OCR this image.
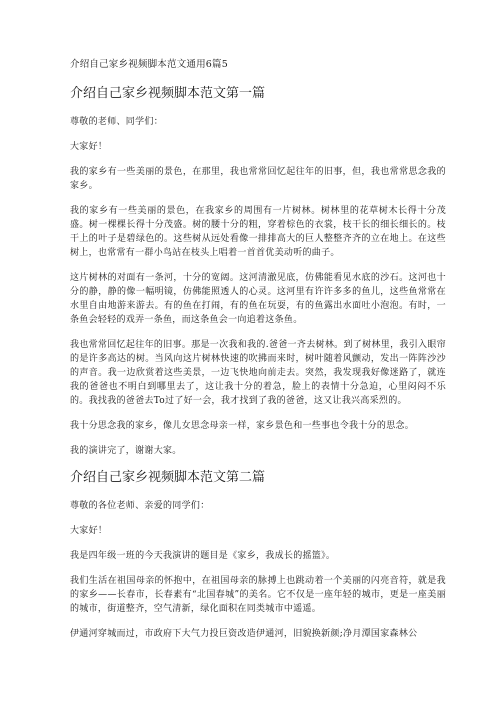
介绍自己家乡视频脚本范文通用6篇5
介绍自己家乡视频脚本范文第一篇

尊敬的老师、同学们：

大家好！

我的家乡有一些美丽的景色，在那里，我也常常回忆起往年的旧事，但，我也常常思念我的家乡。

我的家乡有一些美丽的景色，在我家乡的周围有一片树林。树林里的花草树木长得十分茂盛。树一棵棵长得十分茂盛。树的腰十分的粗，穿着棕色的衣裳，枝干长的细长细长的。枝干上的叶子是碧绿色的。这些树从远处看像一排排高大的巨人整整齐齐的立在地上。在这些树上，也常常有一群小鸟站在枝头上唱着一首首优美动听的曲子。

这片树林的对面有一条河，十分的宽阔。这河清澈见底，仿佛能看见水底的沙石。这河也十分的静，静的像一幅明镜，仿佛能照透人的心灵。这河里有许许多多的鱼儿，这些鱼常常在水里自由地游来游去。有的鱼在打闹，有的鱼在玩耍，有的鱼露出水面吐小泡泡。有时，一条鱼会轻轻的戏弄一条鱼，而这条鱼会一向追着这条鱼。

我也常常回忆起往年的旧事。那是一次我和我的.爸爸一齐去树林。到了树林里，我引入眼帘的是许多高达的树。当风向这片树林快速的吹拂而来时，树叶随着风颤动，发出一阵阵沙沙的声音。我一边欣赏着这些美景，一边飞快地向前走去。突然，我发现我好像迷路了，就连我的爸爸也不明白到哪里去了，这让我十分的着急，脸上的表情十分急迫，心里闷闷不乐的。我找我的爸爸去To过了好一会，我才找到了我的爸爸，这又让我兴高采烈的。

我十分思念我的家乡，像儿女思念母亲一样，家乡景色和一些事也令我十分的思念。

我的演讲完了，谢谢大家。

介绍自己家乡视频脚本范文第二篇

尊敬的各位老师、亲爱的同学们：

大家好！

我是四年级一班的今天我演讲的题目是《家乡，我成长的摇篮》。

我们生活在祖国母亲的怀抱中，在祖国母亲的脉搏上也跳动着一个美丽的闪亮音符，就是我的家乡——长春市，长春素有“北国春城”的美名。它不仅是一座年轻的城市，更是一座美丽的城市，街道整齐，空气清新，绿化面积在同类城市中遥遥。

伊通河穿城而过，市政府下大气力投巨资改造伊通河，旧貌换新颜;净月潭国家森林公
